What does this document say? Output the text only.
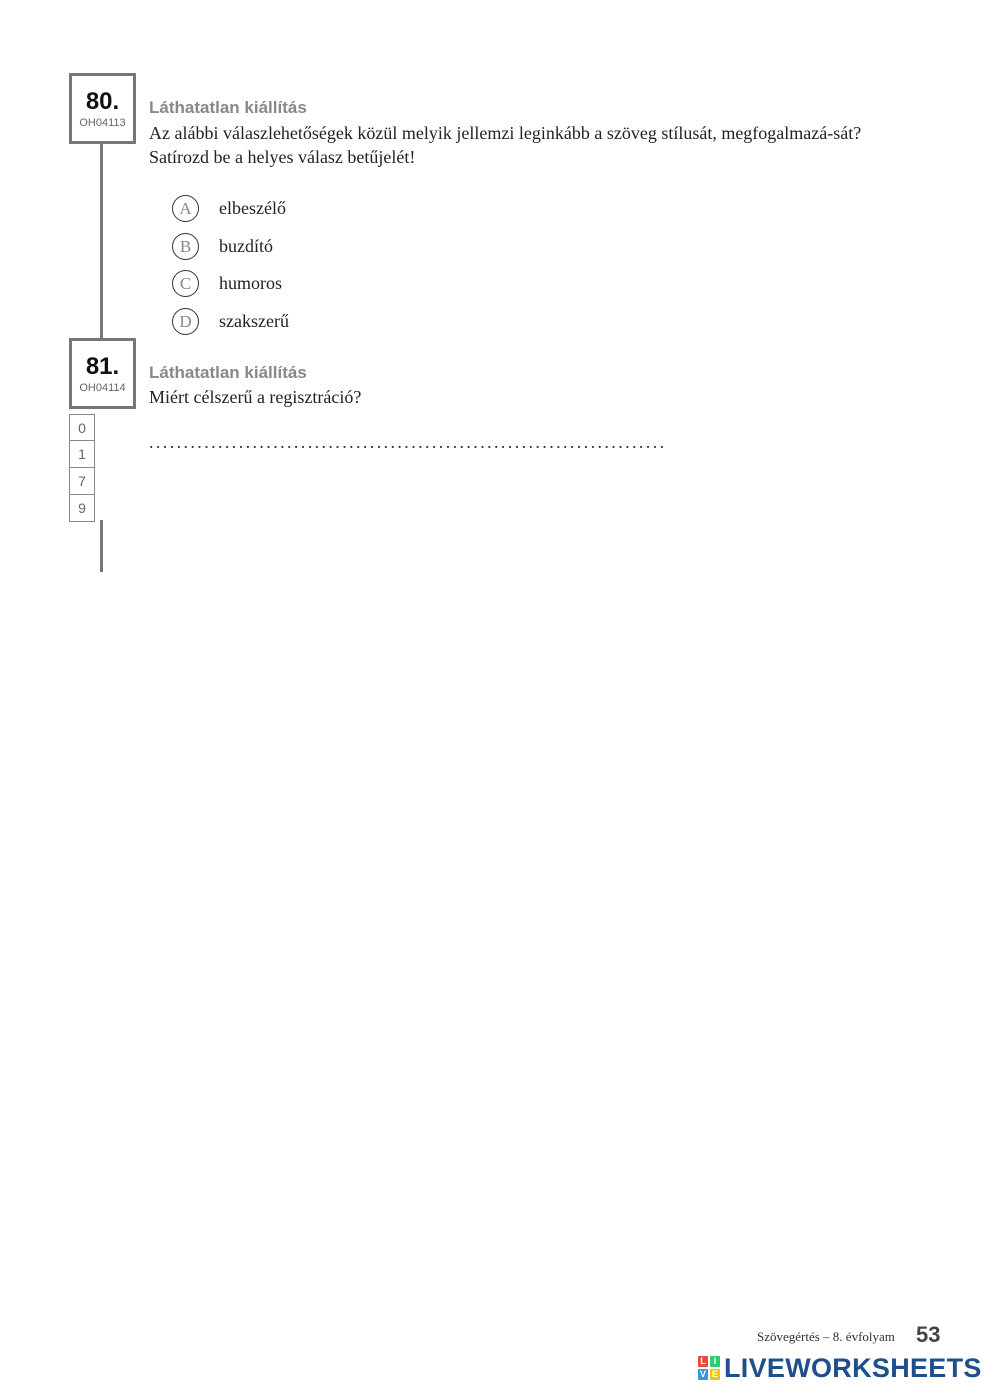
80.
OH04113
Láthatatlan kiállítás
Az alábbi válaszlehetőségek közül melyik jellemzi leginkább a szöveg stílusát, megfogalmazá-sát? Satírozd be a helyes válasz betűjelét!
A	elbeszélő
B	buzdító
C	humoros
D	szakszerű
81.
OH04114
0
1
7
9
Láthatatlan kiállítás
Miért célszerű a regisztráció?
...........................................................................
Szövegértés – 8. évfolyam 53
L I
V E LIVEWORKSHEETS
